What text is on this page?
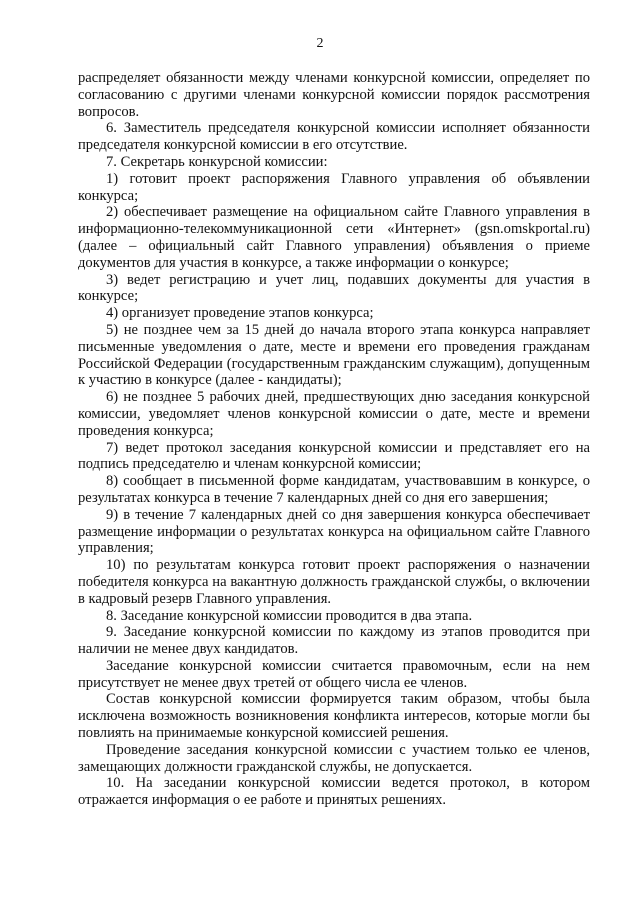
2

распределяет обязанности между членами конкурсной комиссии, определяет по согласованию с другими членами конкурсной комиссии порядок рассмотрения вопросов.

6. Заместитель председателя конкурсной комиссии исполняет обязанности председателя конкурсной комиссии в его отсутствие.

7. Секретарь конкурсной комиссии:

1) готовит проект распоряжения Главного управления об объявлении конкурса;

2) обеспечивает размещение на официальном сайте Главного управления в информационно-телекоммуникационной сети «Интернет» (gsn.omskportal.ru) (далее – официальный сайт Главного управления) объявления о приеме документов для участия в конкурсе, а также информации о конкурсе;

3) ведет регистрацию и учет лиц, подавших документы для участия в конкурсе;

4) организует проведение этапов конкурса;

5) не позднее чем за 15 дней до начала второго этапа конкурса направляет письменные уведомления о дате, месте и времени его проведения гражданам Российской Федерации (государственным гражданским служащим), допущенным к участию в конкурсе (далее - кандидаты);

6) не позднее 5 рабочих дней, предшествующих дню заседания конкурсной комиссии, уведомляет членов конкурсной комиссии о дате, месте и времени проведения конкурса;

7) ведет протокол заседания конкурсной комиссии и представляет его на подпись председателю и членам конкурсной комиссии;

8) сообщает в письменной форме кандидатам, участвовавшим в конкурсе, о результатах конкурса в течение 7 календарных дней со дня его завершения;

9) в течение 7 календарных дней со дня завершения конкурса обеспечивает размещение информации о результатах конкурса на официальном сайте Главного управления;

10) по результатам конкурса готовит проект распоряжения о назначении победителя конкурса на вакантную должность гражданской службы, о включении в кадровый резерв Главного управления.

8. Заседание конкурсной комиссии проводится в два этапа.

9. Заседание конкурсной комиссии по каждому из этапов проводится при наличии не менее двух кандидатов.

Заседание конкурсной комиссии считается правомочным, если на нем присутствует не менее двух третей от общего числа ее членов.

Состав конкурсной комиссии формируется таким образом, чтобы была исключена возможность возникновения конфликта интересов, которые могли бы повлиять на принимаемые конкурсной комиссией решения.

Проведение заседания конкурсной комиссии с участием только ее членов, замещающих должности гражданской службы, не допускается.

10. На заседании конкурсной комиссии ведется протокол, в котором отражается информация о ее работе и принятых решениях.
